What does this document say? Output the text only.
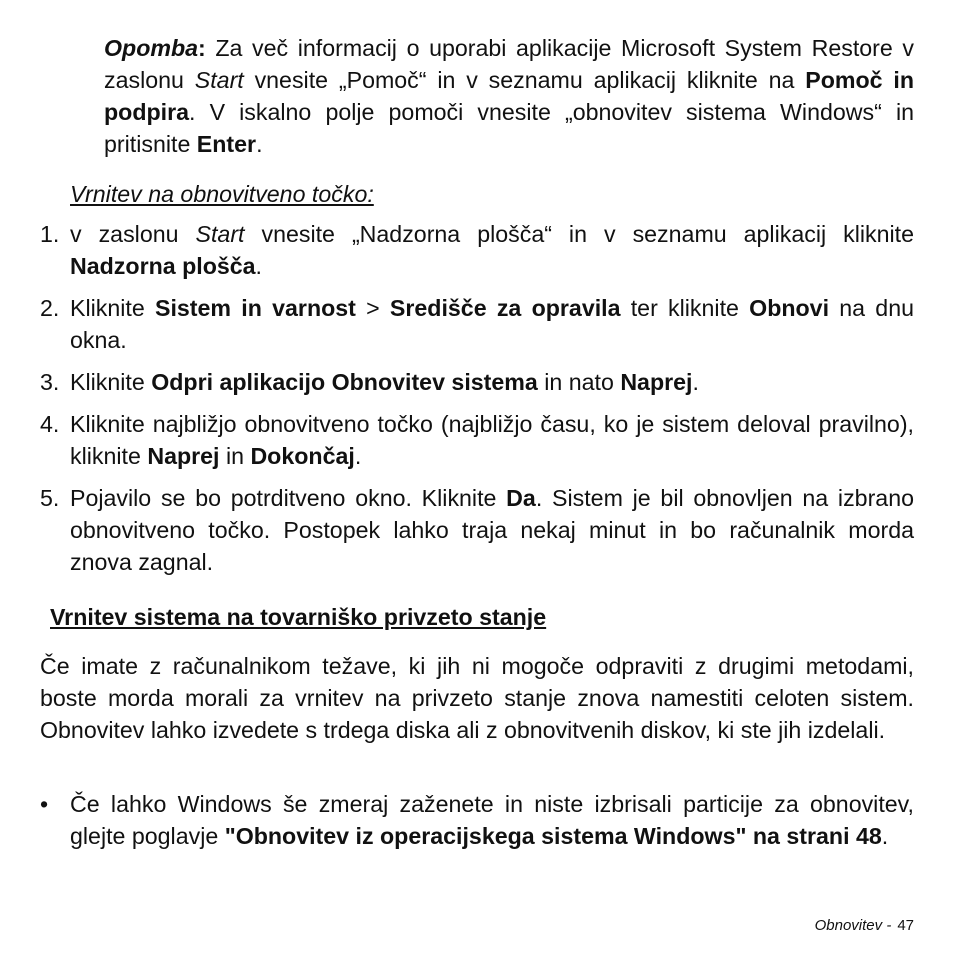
Opomba: Za več informacij o uporabi aplikacije Microsoft System Restore v zaslonu Start vnesite „Pomoč“ in v seznamu aplikacij kliknite na Pomoč in podpira. V iskalno polje pomoči vnesite „obnovitev sistema Windows“ in pritisnite Enter.

Vrnitev na obnovitveno točko:

1. v zaslonu Start vnesite „Nadzorna plošča“ in v seznamu aplikacij kliknite Nadzorna plošča.
2. Kliknite Sistem in varnost > Središče za opravila ter kliknite Obnovi na dnu okna.
3. Kliknite Odpri aplikacijo Obnovitev sistema in nato Naprej.
4. Kliknite najbližjo obnovitveno točko (najbližjo času, ko je sistem deloval pravilno), kliknite Naprej in Dokončaj.
5. Pojavilo se bo potrditveno okno. Kliknite Da. Sistem je bil obnovljen na izbrano obnovitveno točko. Postopek lahko traja nekaj minut in bo računalnik morda znova zagnal.
Vrnitev sistema na tovarniško privzeto stanje

Če imate z računalnikom težave, ki jih ni mogoče odpraviti z drugimi metodami, boste morda morali za vrnitev na privzeto stanje znova namestiti celoten sistem. Obnovitev lahko izvedete s trdega diska ali z obnovitvenih diskov, ki ste jih izdelali.

• Če lahko Windows še zmeraj zaženete in niste izbrisali particije za obnovitev, glejte poglavje "Obnovitev iz operacijskega sistema Windows" na strani 48.
Obnovitev - 47
